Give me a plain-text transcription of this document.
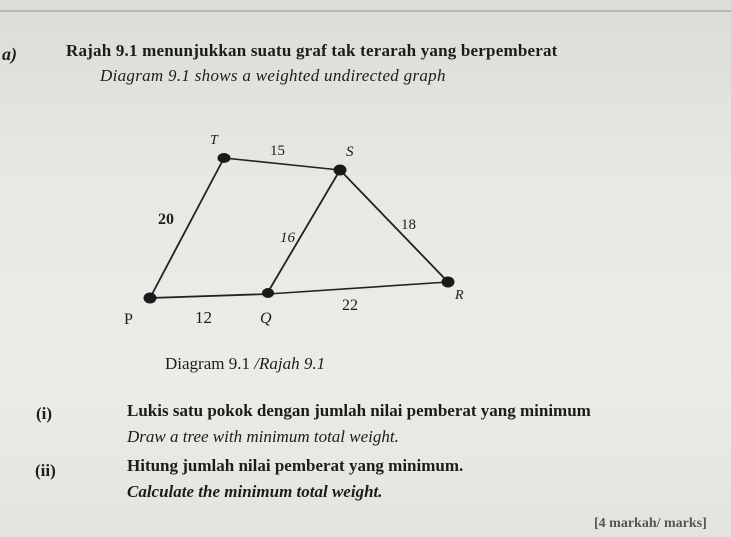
a)	Rajah 9.1 menunjukkan suatu graf tak terarah yang berpemberat
Diagram 9.1 shows a weighted undirected graph
T
S
P	Q
R
15
20
16
18
12
22
Diagram 9.1 /Rajah 9.1
(i)	Lukis satu pokok dengan jumlah nilai pemberat yang minimum
Draw a tree with minimum total weight.
(ii)	Hitung jumlah nilai pemberat yang minimum.
Calculate the minimum total weight.
[4 markah/ marks]
